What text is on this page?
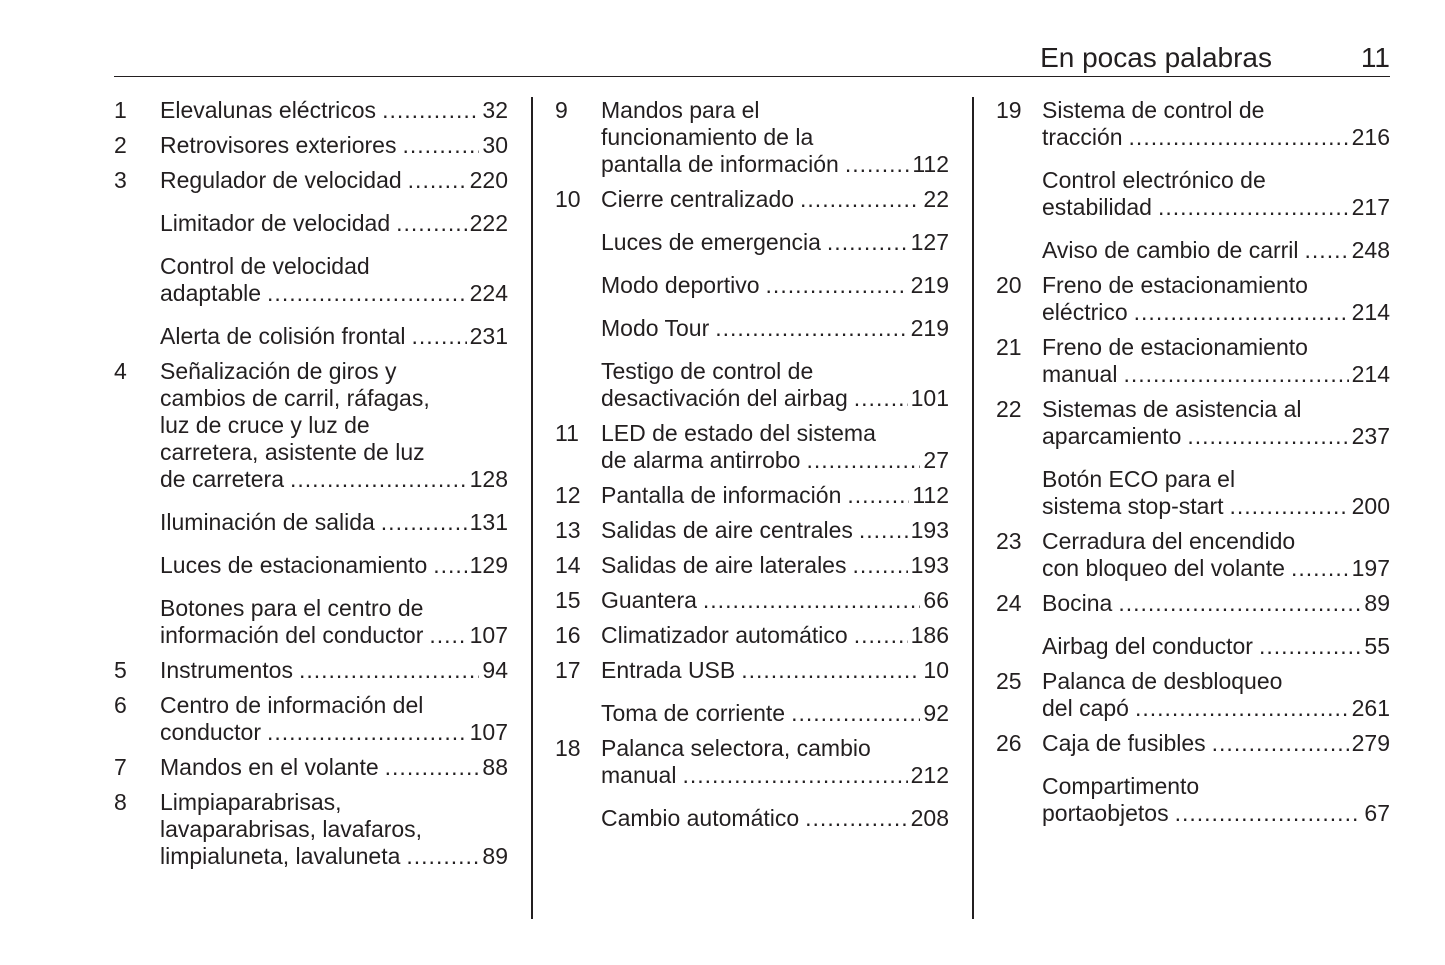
En pocas palabras	11
1 Elevalunas eléctricos .....	32
2 Retrovisores exteriores .....	30
3 Regulador de velocidad .....	220
Limitador de velocidad .....	222
Control de velocidad
adaptable .....	224
Alerta de colisión frontal .....	231
4 Señalización de giros y
cambios de carril, ráfagas,
luz de cruce y luz de
carretera, asistente de luz
de carretera .....	128
Iluminación de salida .....	131
Luces de estacionamiento ..... 129
Botones para el centro de
información del conductor ..... 107
5 Instrumentos .....	94
6 Centro de información del
conductor .....	107
7 Mandos en el volante .....	88
8 Limpiaparabrisas,
lavaparabrisas, lavafaros,
limpialuneta, lavaluneta .....	89
9 Mandos para el
funcionamiento de la
pantalla de información .....	112
10 Cierre centralizado .....	22
Luces de emergencia .....	127
Modo deportivo .....	219
Modo Tour .....	219
Testigo de control de
desactivación del airbag .....	101
11 LED de estado del sistema
de alarma antirrobo .....	27
12 Pantalla de información .....	112
13 Salidas de aire centrales .....	193
14 Salidas de aire laterales .....	193
15 Guantera .....	66
16 Climatizador automático .....	186
17 Entrada USB .....	10
Toma de corriente .....	92
18 Palanca selectora, cambio
manual .....	212
Cambio automático .....	208
19 Sistema de control de
tracción .....	216
Control electrónico de
estabilidad .....	217
Aviso de cambio de carril ..... 248
20 Freno de estacionamiento
eléctrico .....	214
21 Freno de estacionamiento
manual .....	214
22 Sistemas de asistencia al
aparcamiento .....	237
Botón ECO para el
sistema stop-start .....	200
23 Cerradura del encendido
con bloqueo del volante .....	197
24 Bocina .....	89
Airbag del conductor .....	55
25 Palanca de desbloqueo
del capó .....	261
26 Caja de fusibles .....	279
Compartimento
portaobjetos .....	67
